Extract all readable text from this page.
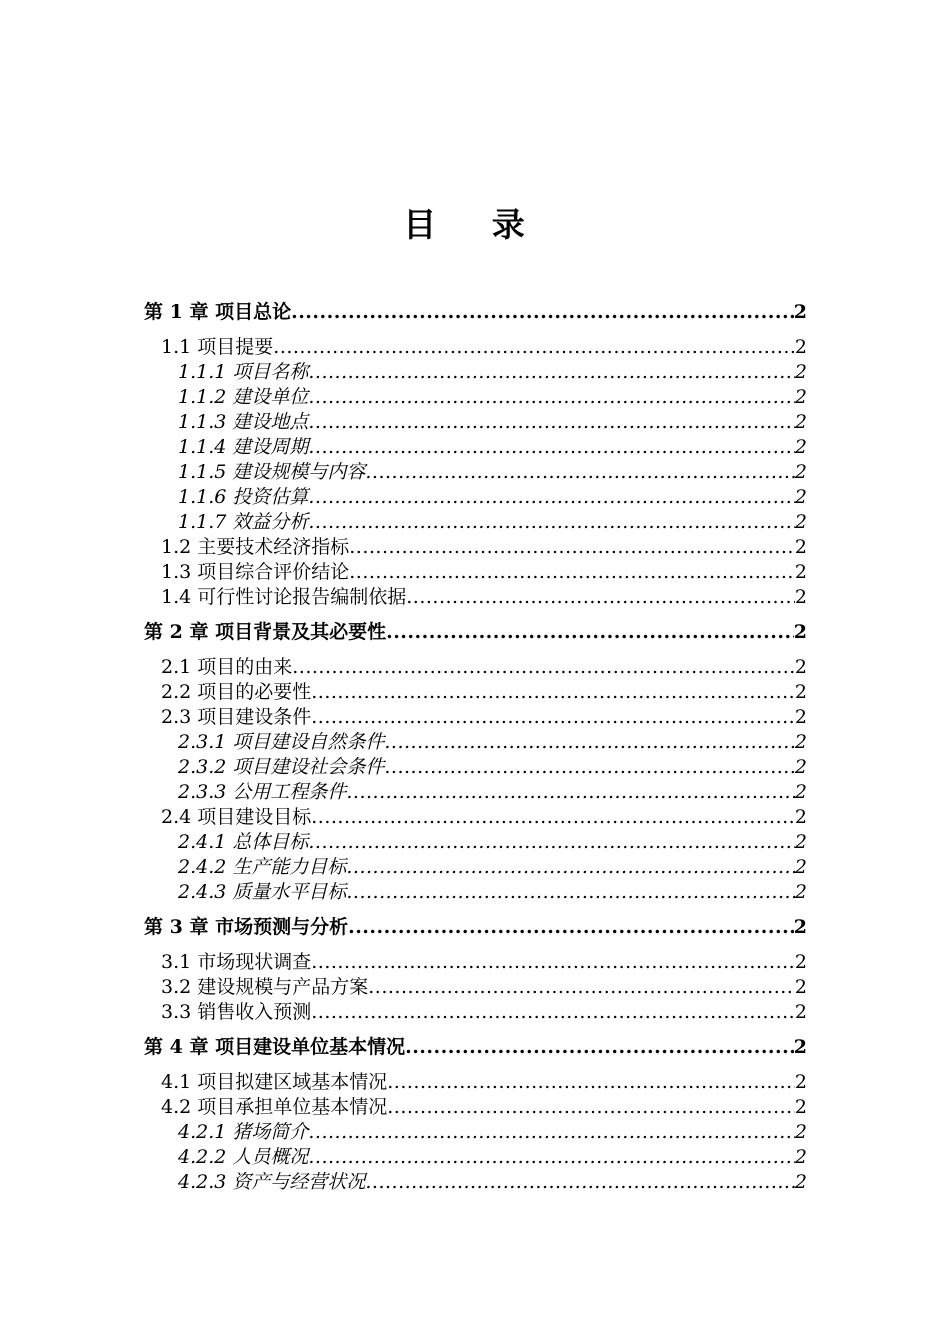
目 录
第 1 章 项目总论 .....	2
1.1 项目提要 .....	2
1.1.1 项目名称 .....	2
1.1.2 建设单位 .....	2
1.1.3 建设地点 .....	2
1.1.4 建设周期 .....	2
1.1.5 建设规模与内容 .....	2
1.1.6 投资估算 .....	2
1.1.7 效益分析 .....	2
1.2 主要技术经济指标 .....	2
1.3 项目综合评价结论 .....	2
1.4 可行性讨论报告编制依据 .....	2
第 2 章 项目背景及其必要性 .....	2
2.1 项目的由来 .....	2
2.2 项目的必要性 .....	2
2.3 项目建设条件 .....	2
2.3.1 项目建设自然条件 .....	2
2.3.2 项目建设社会条件 .....	2
2.3.3 公用工程条件 .....	2
2.4 项目建设目标 .....	2
2.4.1 总体目标 .....	2
2.4.2 生产能力目标 .....	2
2.4.3 质量水平目标 .....	2
第 3 章 市场预测与分析 .....	2
3.1 市场现状调查 .....	2
3.2 建设规模与产品方案 .....	2
3.3 销售收入预测 .....	2
第 4 章 项目建设单位基本情况 .....	2
4.1 项目拟建区域基本情况 .....	2
4.2 项目承担单位基本情况 .....	2
4.2.1 猪场简介 .....	2
4.2.2 人员概况 .....	2
4.2.3 资产与经营状况 .....	2
